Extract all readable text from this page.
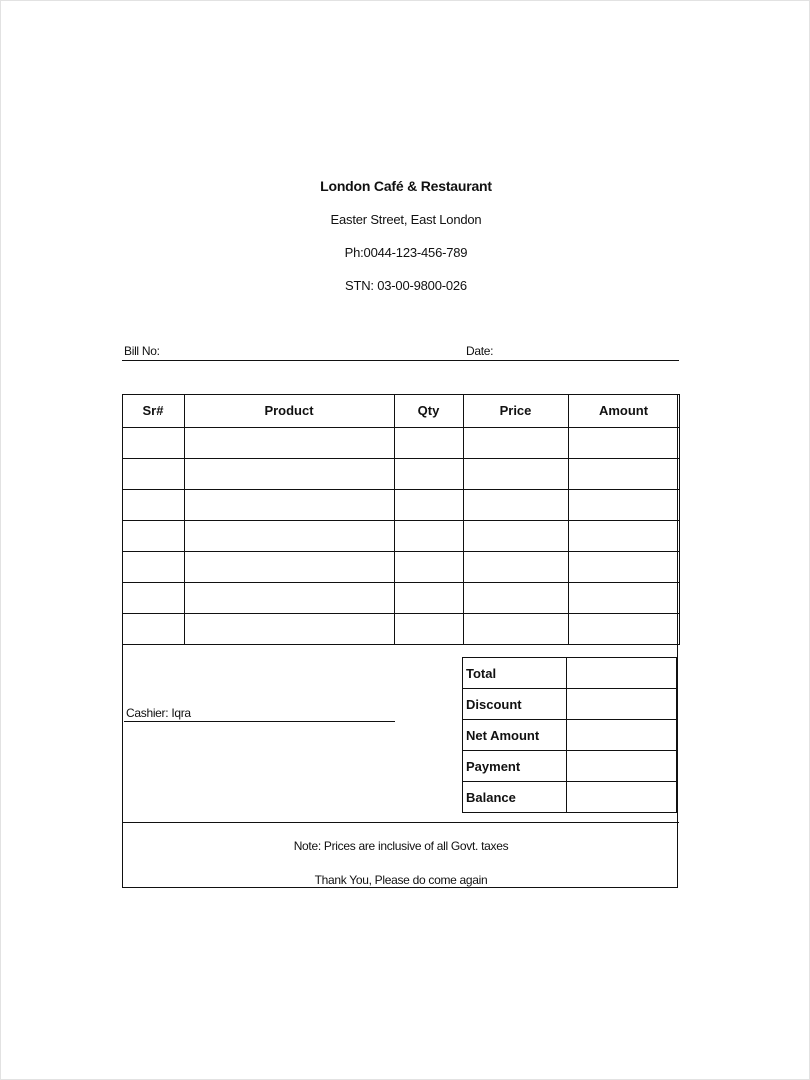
London Café & Restaurant
Easter Street, East London
Ph:0044-123-456-789
STN: 03-00-9800-026
Bill No:	Date:
Sr#	Product	Qty	Price	Amount

Total	
Discount	
Net Amount	
Payment	
Balance	
Cashier: Iqra
Note: Prices are inclusive of all Govt. taxes
Thank You, Please do come again
